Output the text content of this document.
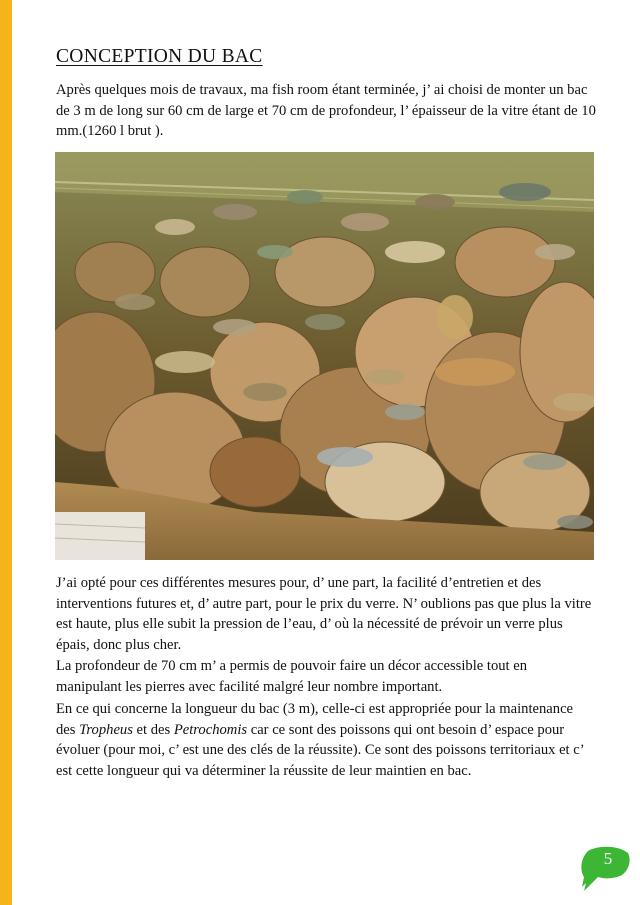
CONCEPTION DU BAC

Après quelques mois de travaux, ma fish room étant terminée, j’ ai choisi de monter un bac de 3 m de long sur 60 cm de large et 70 cm de profondeur, l’ épaisseur de la vitre étant de 10 mm.(1260 l brut ).

J’ai opté pour ces différentes mesures pour, d’ une part, la facilité d’entretien et des interventions futures et, d’ autre part, pour le prix du verre. N’ oublions pas que plus la vitre est haute, plus elle subit la pression de l’eau, d’ où la nécessité de prévoir un verre plus épais, donc plus cher.

La profondeur de 70 cm m’ a permis de pouvoir faire un décor accessible tout en manipulant les pierres avec facilité malgré leur nombre important.

En ce qui concerne la longueur du bac (3 m), celle-ci est appropriée pour la maintenance des Tropheus et des Petrochomis car ce sont des poissons qui ont besoin d’ espace pour évoluer (pour moi, c’ est une des clés de la réussite). Ce sont des poissons territoriaux et c’ est cette longueur qui va déterminer la réussite de leur maintien en bac.

5
